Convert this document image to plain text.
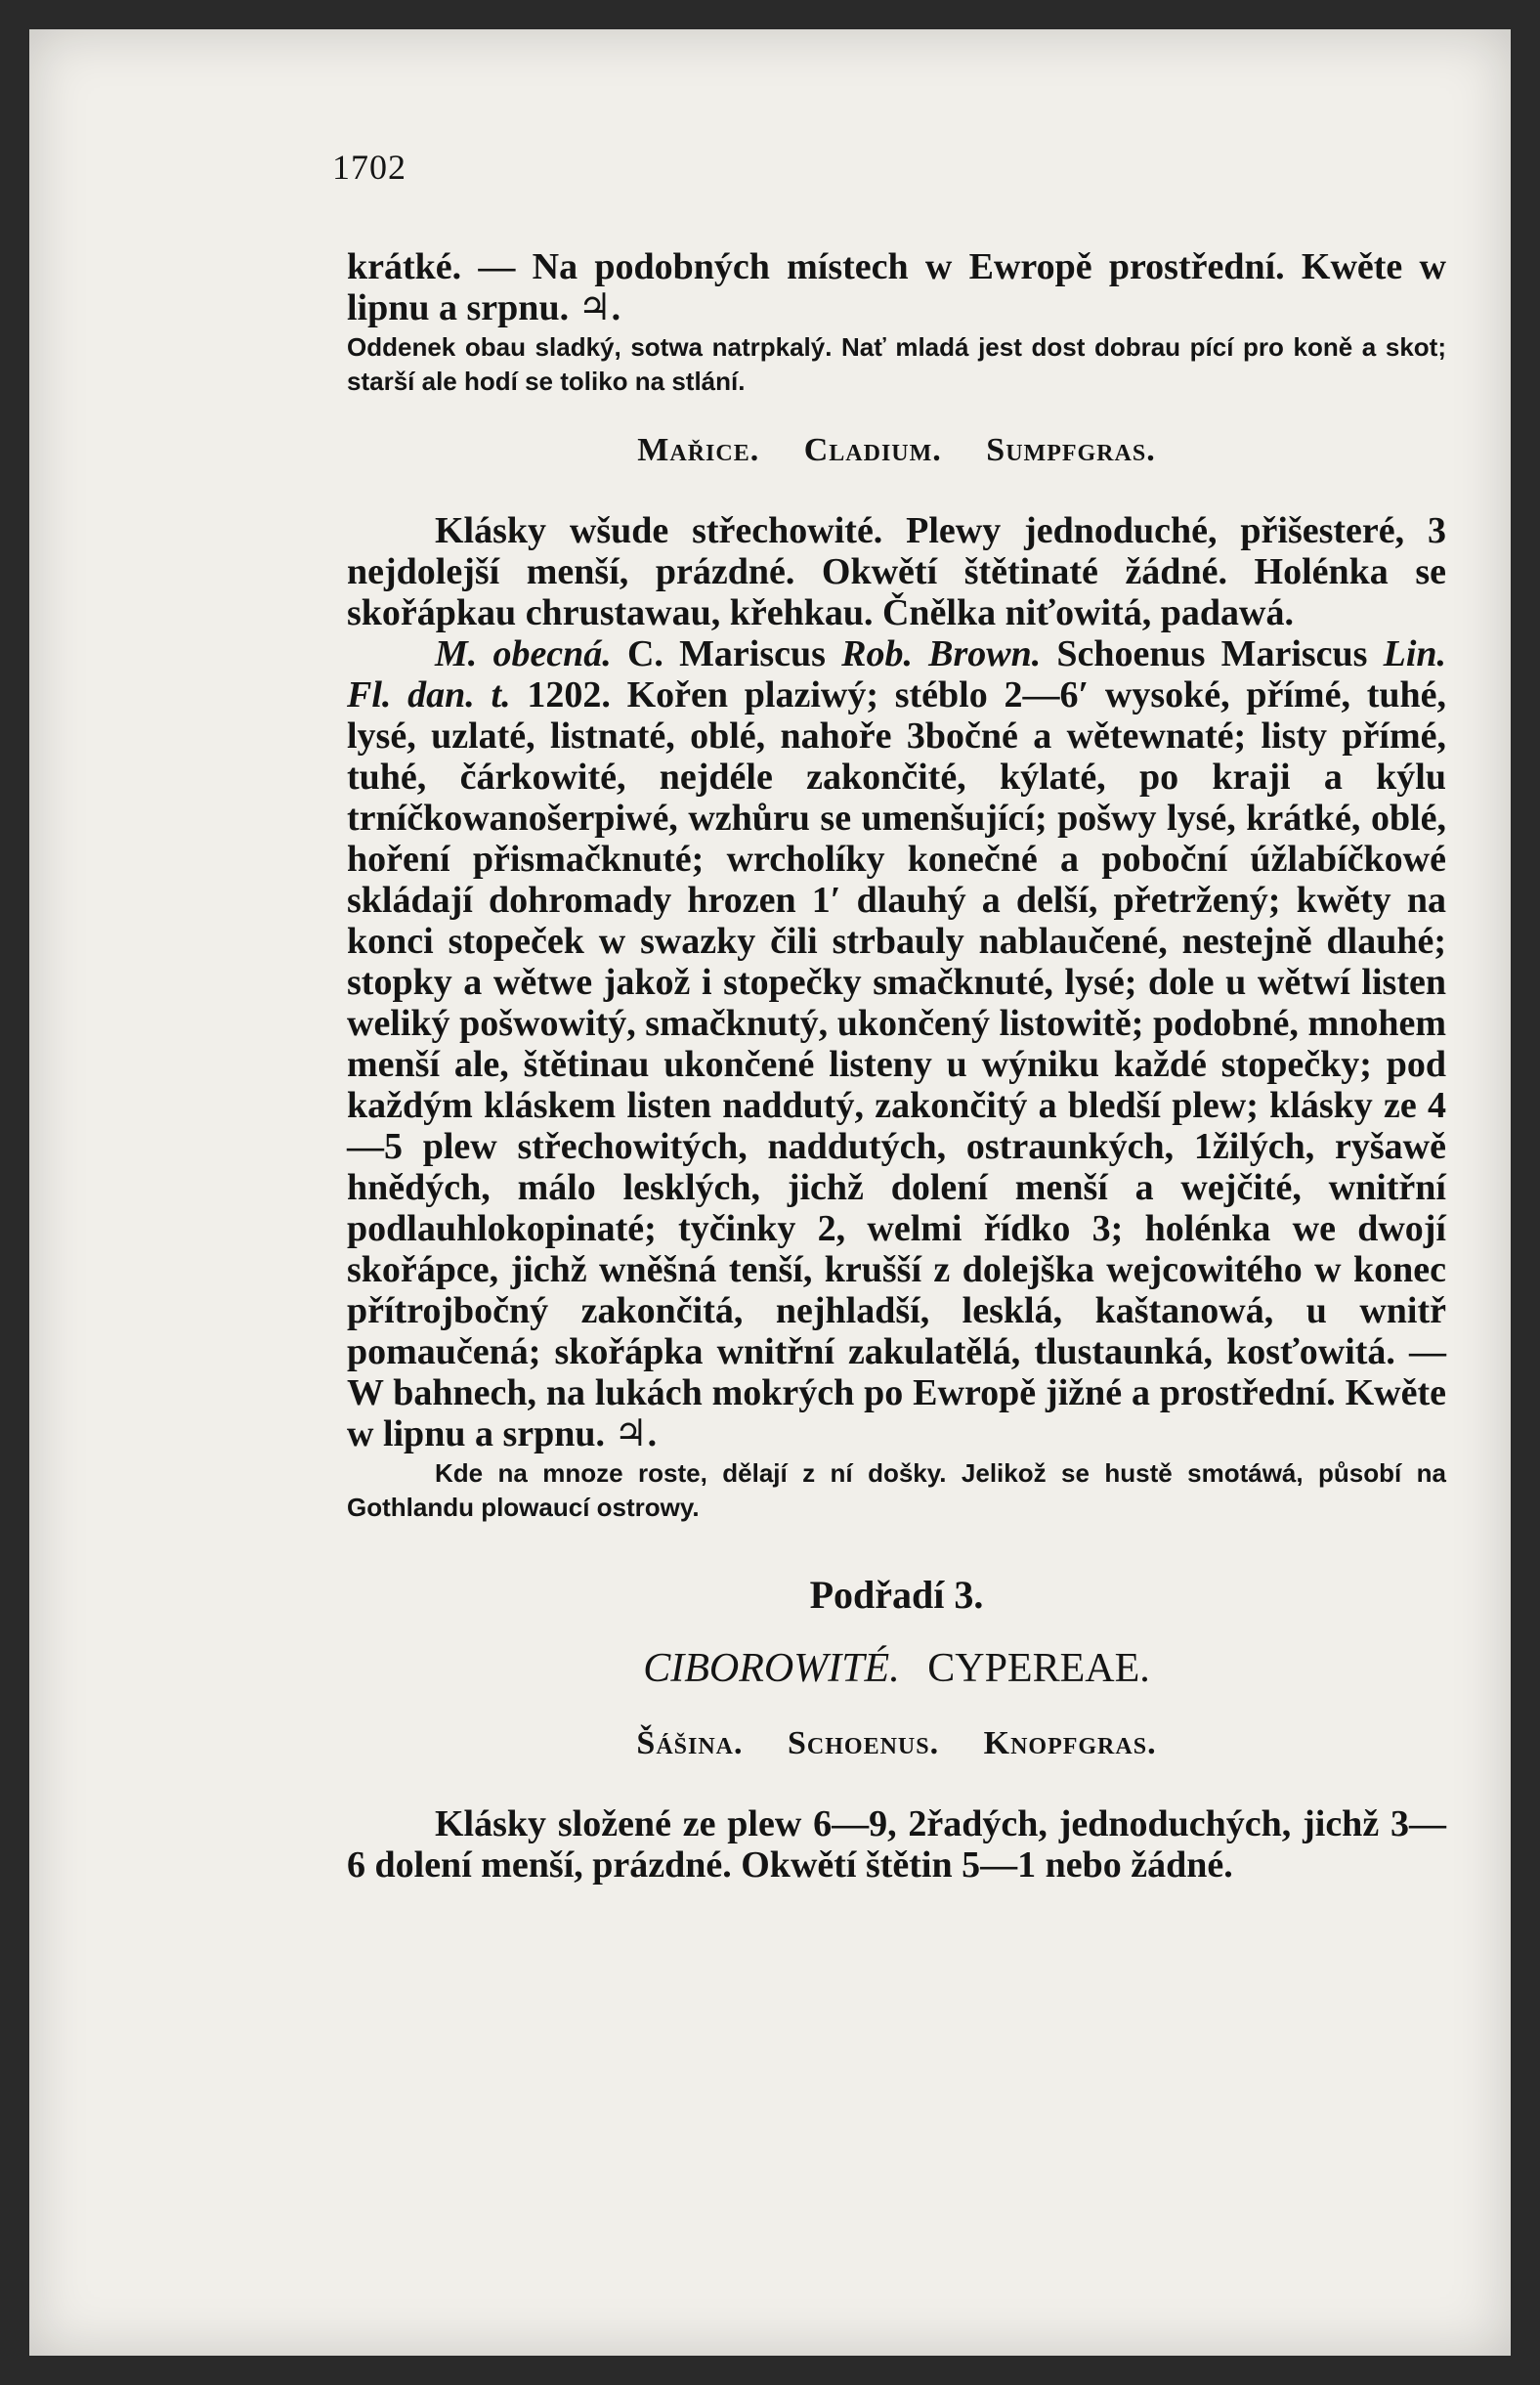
1702

krátké. — Na podobných místech w Ewropě prostřední. Kwěte w lipnu a srpnu. ♃.

Oddenek obau sladký, sotwa natrpkalý. Nať mladá jest dost dobrau pící pro koně a skot; starší ale hodí se toliko na stlání.

Mařice. Cladium. Sumpfgras.

Klásky wšude střechowité. Plewy jednoduché, přišesteré, 3 nejdolejší menší, prázdné. Okwětí štětinaté žádné. Holénka se skořápkau chrustawau, křehkau. Čnělka niťowitá, padawá.

M. obecná. C. Mariscus Rob. Brown. Schoenus Mariscus Lin. Fl. dan. t. 1202. Kořen plaziwý; stéblo 2—6′ wysoké, přímé, tuhé, lysé, uzlaté, listnaté, oblé, nahoře 3bočné a wětewnaté; listy přímé, tuhé, čárkowité, nejdéle zakončité, kýlaté, po kraji a kýlu trníčkowanošerpiwé, wzhůru se umenšující; pošwy lysé, krátké, oblé, hoření přismačknuté; wrcholíky konečné a poboční úžlabíčkowé skládají dohromady hrozen 1′ dlauhý a delší, přetržený; kwěty na konci stopeček w swazky čili strbauly nablaučené, nestejně dlauhé; stopky a wětwe jakož i stopečky smačknuté, lysé; dole u wětwí listen weliký pošwowitý, smačknutý, ukončený listowitě; podobné, mnohem menší ale, štětinau ukončené listeny u wýniku každé stopečky; pod každým kláskem listen naddutý, zakončitý a bledší plew; klásky ze 4—5 plew střechowitých, naddutých, ostraunkých, 1žilých, ryšawě hnědých, málo lesklých, jichž dolení menší a wejčité, wnitřní podlauhlokopinaté; tyčinky 2, welmi řídko 3; holénka we dwojí skořápce, jichž wněšná tenší, krušší z dolejška wejcowitého w konec přítrojbočný zakončitá, nejhladší, lesklá, kaštanowá, u wnitř pomaučená; skořápka wnitřní zakulatělá, tlustaunká, kosťowitá. — W bahnech, na lukách mokrých po Ewropě jižné a prostřední. Kwěte w lipnu a srpnu. ♃.

Kde na mnoze roste, dělají z ní došky. Jelikož se hustě smotáwá, působí na Gothlandu plowaucí ostrowy.

Podřadí 3.
CIBOROWITÉ. CYPEREAE.
Šášina. Schoenus. Knopfgras.

Klásky složené ze plew 6—9, 2řadých, jednoduchých, jichž 3—6 dolení menší, prázdné. Okwětí štětin 5—1 nebo žádné.
